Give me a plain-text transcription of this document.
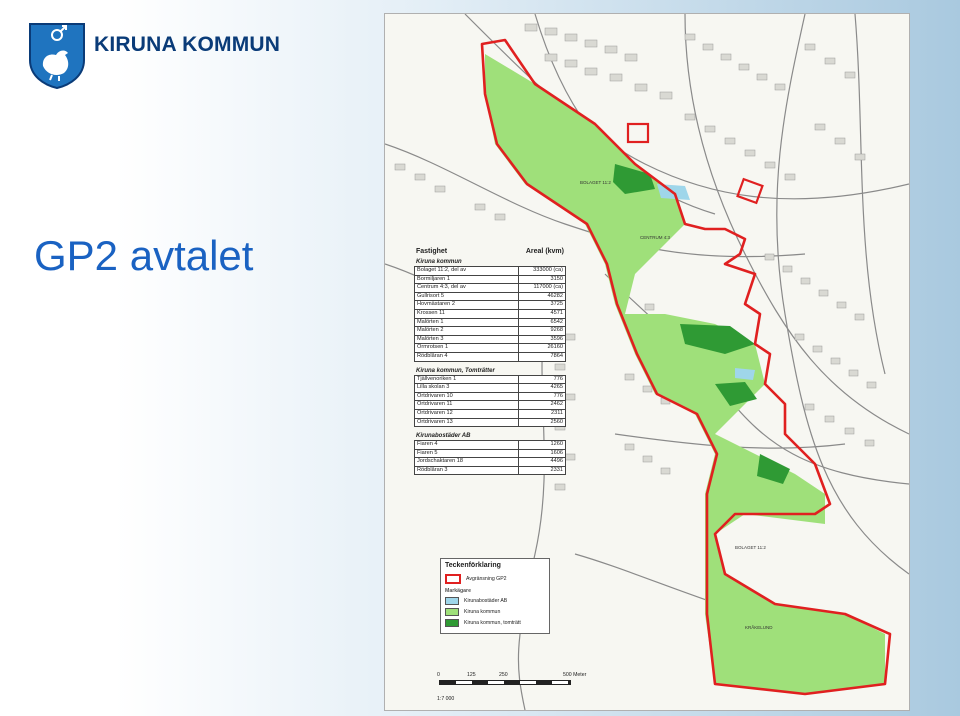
KIRUNA KOMMUN
GP2 avtalet
BOLAGET 11:2
BOLAGET 11:2
CENTRUM 4:3
KRÅKELUND
Fastighet	Areal (kvm)
Kiruna kommun
Bolaget 11:2, del av	333000 (ca)
Bormiljaren 1	3150
Centrum 4:3, del av	117000 (ca)
Gullrisort 5	46282
Hovmästaren 2	3725
Krossen 11	4571
Malörten 1	6542
Malörten 2	9268
Malörten 3	3596
Ormrotsen 1	26160
Rödblåran 4	7864
Kiruna kommun, Tomträtter
Tjällvenoriken 1	776
Lilla skolan 3	4265
Ortdrivaren 10	776
Ortdrivaren 11	2462
Ortdrivaren 12	2311
Ortdrivaren 13	2560
Kirunabostäder AB
Fiaren 4	1260
Fiaren 5	1606
Jordschaktaren 18	4496
Rödblåran 3	2331
Teckenförklaring
Avgränsning GP2
Markägare
Kirunabostäder AB
Kiruna kommun
Kiruna kommun, tomträtt
0	125	250	500 Meter
1:7 000
